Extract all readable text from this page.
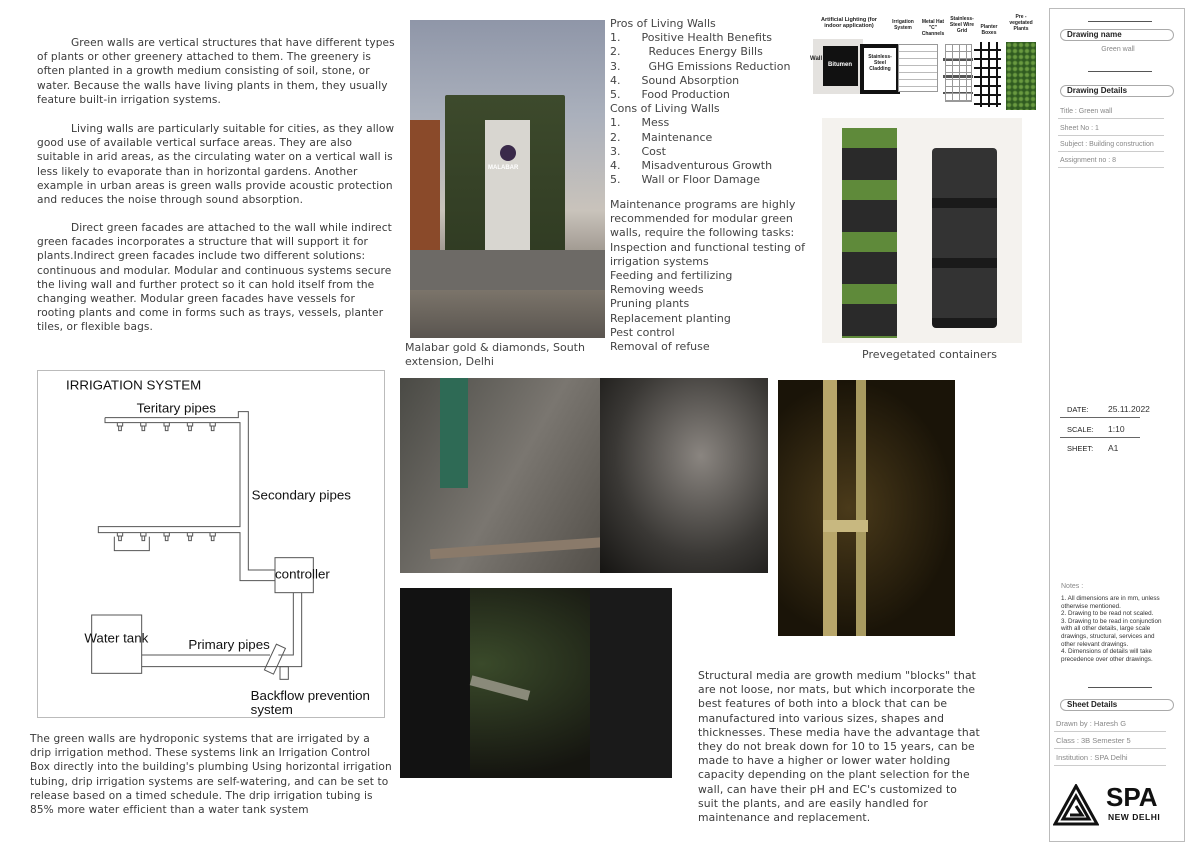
Green walls are vertical structures that have different types of plants or other greenery attached to them. The greenery is often planted in a growth medium consisting of soil, stone, or water. Because the walls have living plants in them, they usually feature built-in irrigation systems.
Living walls are particularly suitable for cities, as they allow good use of available vertical surface areas. They are also suitable in arid areas, as the circulating water on a vertical wall is less likely to evaporate than in horizontal gardens. Another example in urban areas is green walls provide acoustic protection and reduces the noise through sound absorption.
Direct green facades are attached to the wall while indirect green facades incorporates a structure that will support it for plants.Indirect green facades include two different solutions: continuous and modular. Modular and continuous systems secure the living wall and further protect so it can hold itself from the changing weather. Modular green facades have vessels for rooting plants and come in forms such as trays, vessels, planter tiles, or flexible bags.
MALABAR
Malabar gold & diamonds, South extension, Delhi
Pros of Living Walls
1.      Positive Health Benefits
2.        Reduces Energy Bills
3.        GHG Emissions Reduction
4.      Sound Absorption
5.      Food Production
Cons of Living Walls
1.      Mess
2.      Maintenance
3.      Cost
4.      Misadventurous Growth
5.      Wall or Floor Damage
Maintenance programs are highly
recommended for modular green
walls, require the following tasks:
Inspection and functional testing of
irrigation systems
Feeding and fertilizing
Removing weeds
Pruning plants
Replacement planting
Pest control
Removal of refuse
Artificial Lighting (for indoor application)
Wall
Bitumen
Stainless-Steel Cladding
Irrigation System
Metal Hat "C" Channels
Stainless-Steel Wire Grid
Planter Boxes
Pre - vegetated Plants
Prevegetated containers
IRRIGATION SYSTEM
Teritary pipes
Secondary pipes
controller
Water tank Primary pipes
Backflow prevention
system
The green walls are hydroponic systems that are irrigated by a drip irrigation method. These systems link an Irrigation Control Box directly into the building's plumbing Using horizontal irrigation tubing, drip irrigation systems are self-watering, and can be set to release based on a timed schedule. The drip irrigation tubing is 85% more water efficient than a water tank system
Structural media are growth medium "blocks" that are not loose, nor mats, but which incorporate the best features of both into a block that can be manufactured into various sizes, shapes and thicknesses. These media have the advantage that they do not break down for 10 to 15 years, can be made to have a higher or lower water holding capacity depending on the plant selection for the wall, can have their pH and EC's customized to suit the plants, and are easily handled for maintenance and replacement.
Drawing name
Green wall
Drawing Details
Title : Green wall
Sheet No : 1
Subject : Building construction
Assignment no : 8
DATE: 25.11.2022
SCALE: 1:10
SHEET: A1
Notes :
1. All dimensions are in mm, unless otherwise mentioned.
2. Drawing to be read not scaled.
3. Drawing to be read in conjunction with all other details, large scale drawings, structural, services and other relevant drawings.
4. Dimensions of details will take precedence over other drawings.
Sheet Details
Drawn by : Haresh G
Class : 3B Semester 5
Institution : SPA Delhi
SPA
NEW DELHI
